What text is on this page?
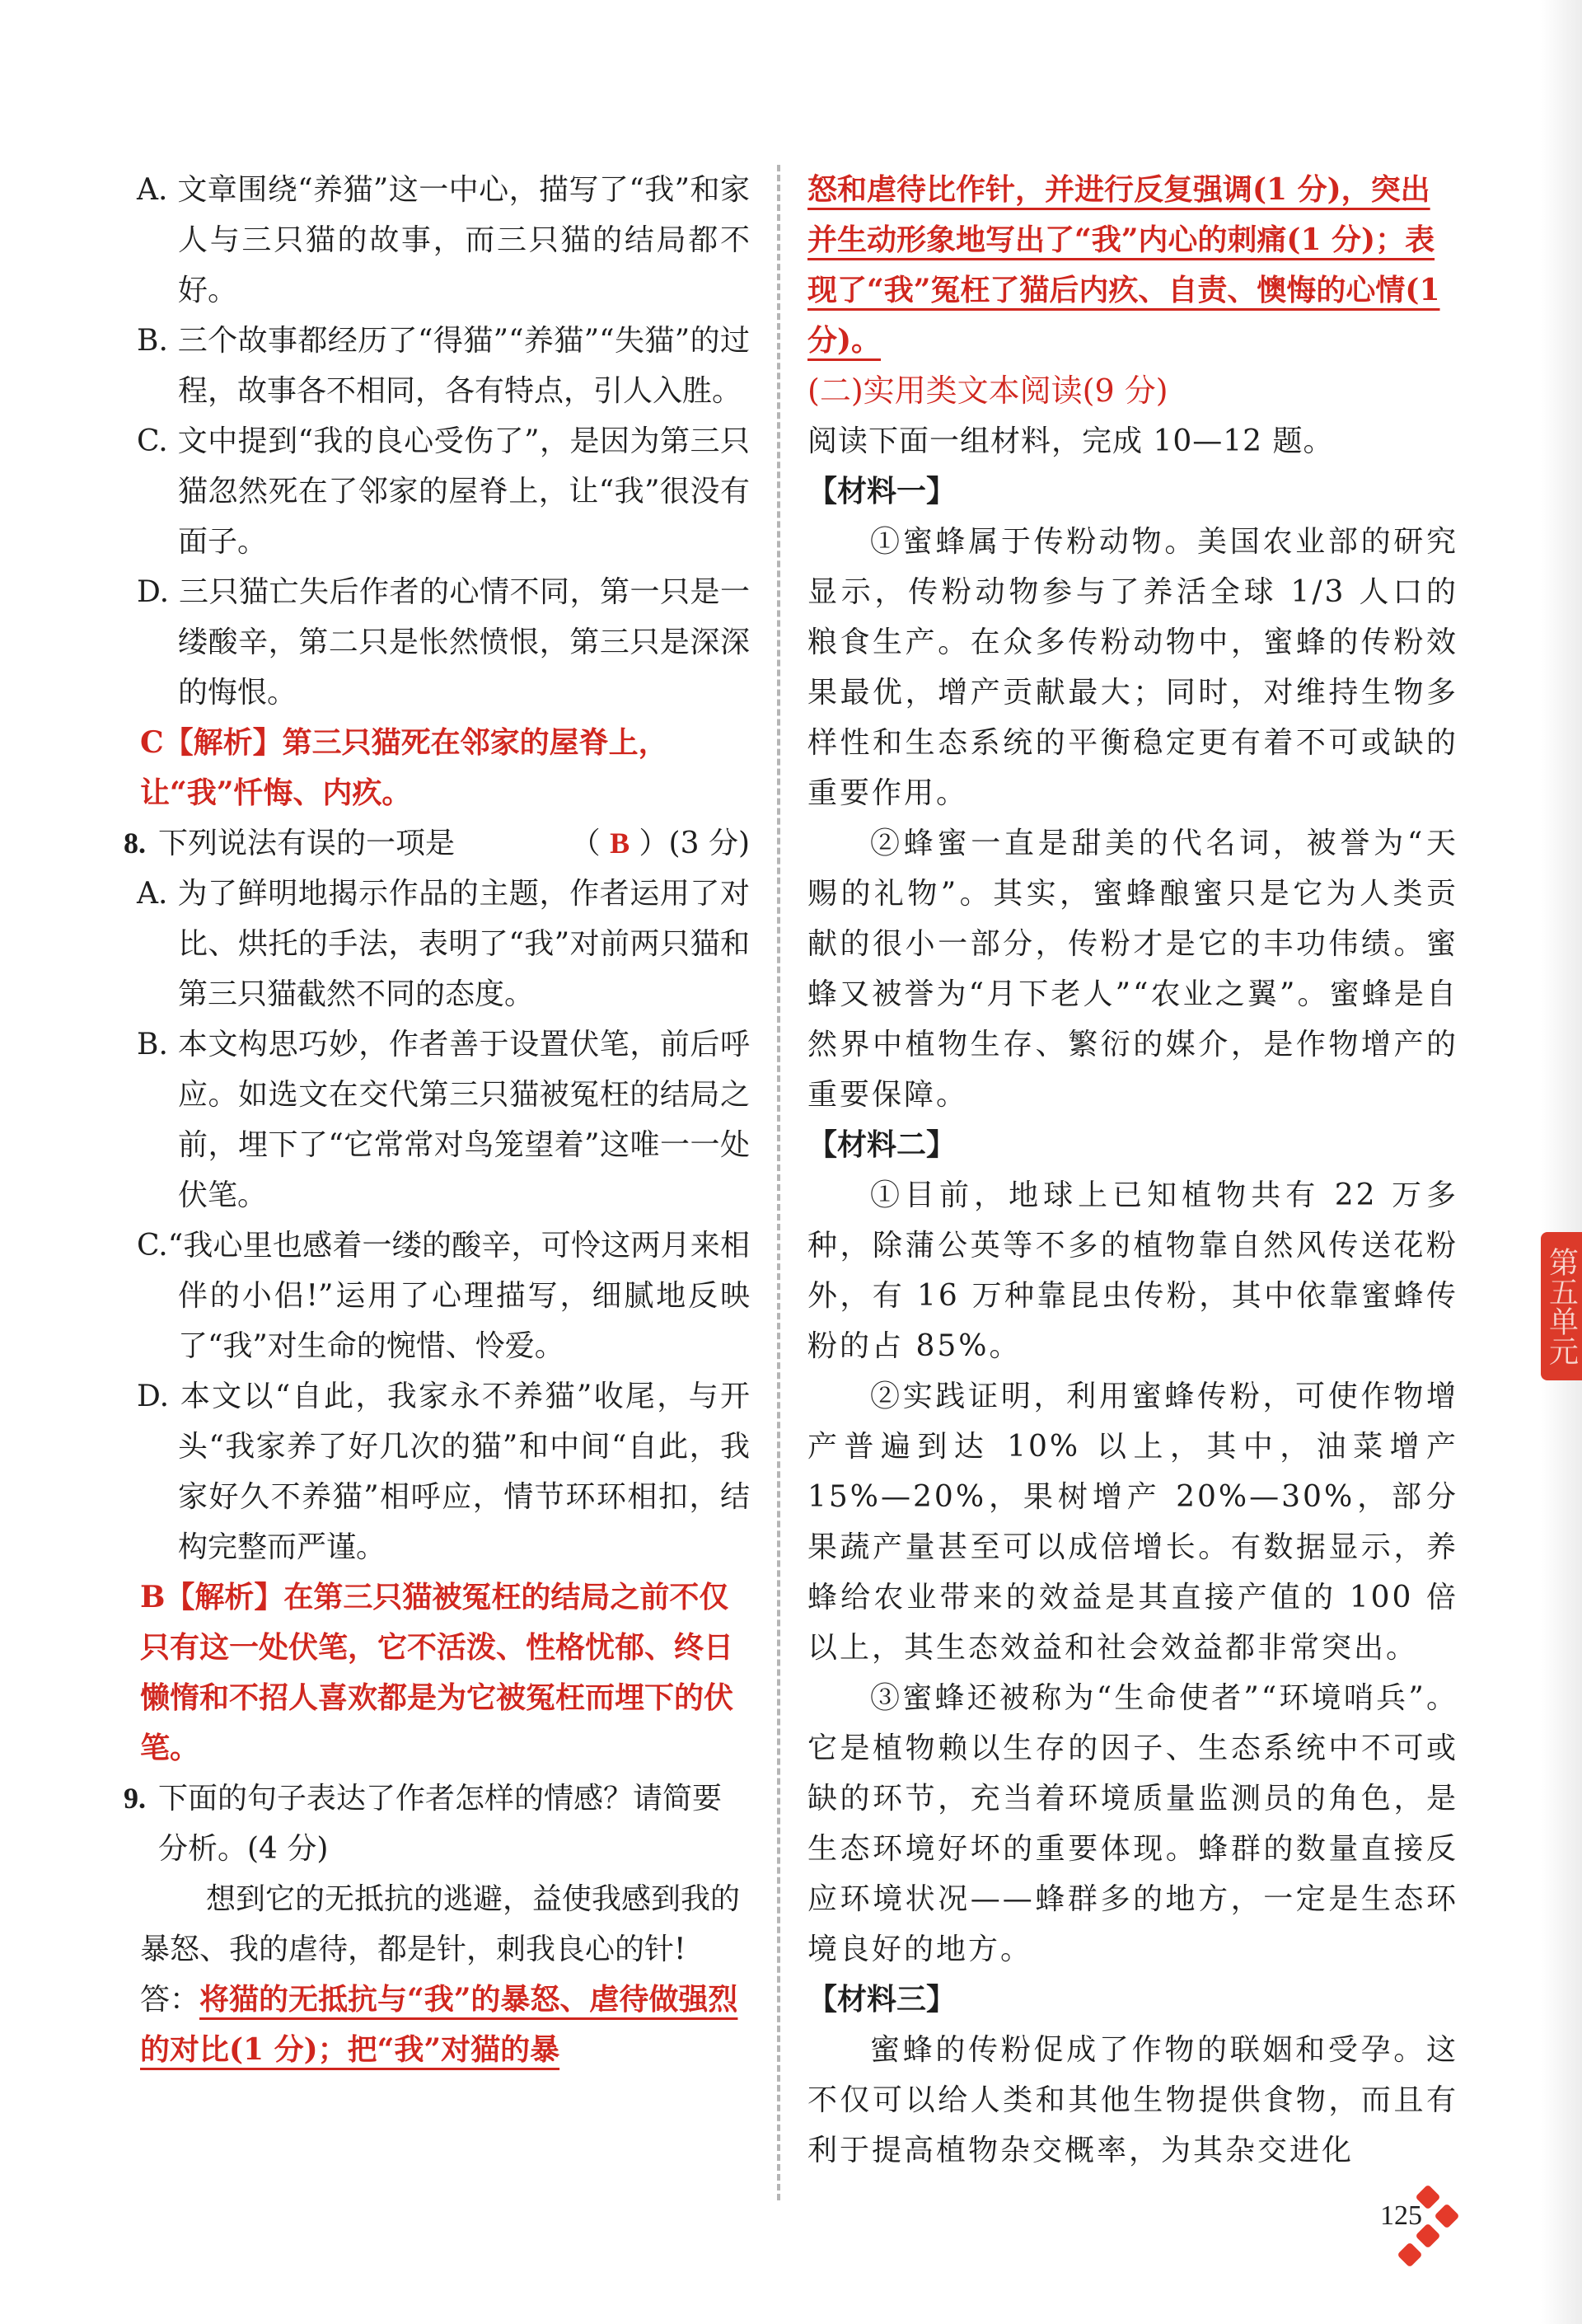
A. 文章围绕“养猫”这一中心，描写了“我”和家人与三只猫的故事，而三只猫的结局都不好。
B. 三个故事都经历了“得猫”“养猫”“失猫”的过程，故事各不相同，各有特点，引人入胜。
C. 文中提到“我的良心受伤了”，是因为第三只猫忽然死在了邻家的屋脊上，让“我”很没有面子。
D. 三只猫亡失后作者的心情不同，第一只是一缕酸辛，第二只是怅然愤恨，第三只是深深的悔恨。
C【解析】第三只猫死在邻家的屋脊上，让“我”忏悔、内疚。
8. 下列说法有误的一项是	（ B ）(3 分)
A. 为了鲜明地揭示作品的主题，作者运用了对比、烘托的手法，表明了“我”对前两只猫和第三只猫截然不同的态度。
B. 本文构思巧妙，作者善于设置伏笔，前后呼应。如选文在交代第三只猫被冤枉的结局之前，埋下了“它常常对鸟笼望着”这唯一一处伏笔。
C.“我心里也感着一缕的酸辛，可怜这两月来相伴的小侣!”运用了心理描写，细腻地反映了“我”对生命的惋惜、怜爱。
D. 本文以“自此，我家永不养猫”收尾，与开头“我家养了好几次的猫”和中间“自此，我家好久不养猫”相呼应，情节环环相扣，结构完整而严谨。
B【解析】在第三只猫被冤枉的结局之前不仅只有这一处伏笔，它不活泼、性格忧郁、终日懒惰和不招人喜欢都是为它被冤枉而埋下的伏笔。
9. 下面的句子表达了作者怎样的情感？请简要分析。(4 分)
想到它的无抵抗的逃避，益使我感到我的暴怒、我的虐待，都是针，刺我良心的针!
答：将猫的无抵抗与“我”的暴怒、虐待做强烈的对比(1 分)；把“我”对猫的暴
怒和虐待比作针，并进行反复强调(1 分)，突出并生动形象地写出了“我”内心的刺痛(1 分)；表现了“我”冤枉了猫后内疚、自责、懊悔的心情(1 分)。
(二)实用类文本阅读(9 分)
阅读下面一组材料，完成 10—12 题。
【材料一】
①蜜蜂属于传粉动物。美国农业部的研究显示，传粉动物参与了养活全球 1/3 人口的粮食生产。在众多传粉动物中，蜜蜂的传粉效果最优，增产贡献最大；同时，对维持生物多样性和生态系统的平衡稳定更有着不可或缺的重要作用。
②蜂蜜一直是甜美的代名词，被誉为“天赐的礼物”。其实，蜜蜂酿蜜只是它为人类贡献的很小一部分，传粉才是它的丰功伟绩。蜜蜂又被誉为“月下老人”“农业之翼”。蜜蜂是自然界中植物生存、繁衍的媒介，是作物增产的重要保障。
【材料二】
①目前，地球上已知植物共有 22 万多种，除蒲公英等不多的植物靠自然风传送花粉外，有 16 万种靠昆虫传粉，其中依靠蜜蜂传粉的占 85%。
②实践证明，利用蜜蜂传粉，可使作物增产普遍到达 10% 以上，其中，油菜增产 15%—20%，果树增产 20%—30%，部分果蔬产量甚至可以成倍增长。有数据显示，养蜂给农业带来的效益是其直接产值的 100 倍以上，其生态效益和社会效益都非常突出。
③蜜蜂还被称为“生命使者”“环境哨兵”。它是植物赖以生存的因子、生态系统中不可或缺的环节，充当着环境质量监测员的角色，是生态环境好坏的重要体现。蜂群的数量直接反应环境状况——蜂群多的地方，一定是生态环境良好的地方。
【材料三】
蜜蜂的传粉促成了作物的联姻和受孕。这不仅可以给人类和其他生物提供食物，而且有利于提高植物杂交概率，为其杂交进化
第五单元
125
